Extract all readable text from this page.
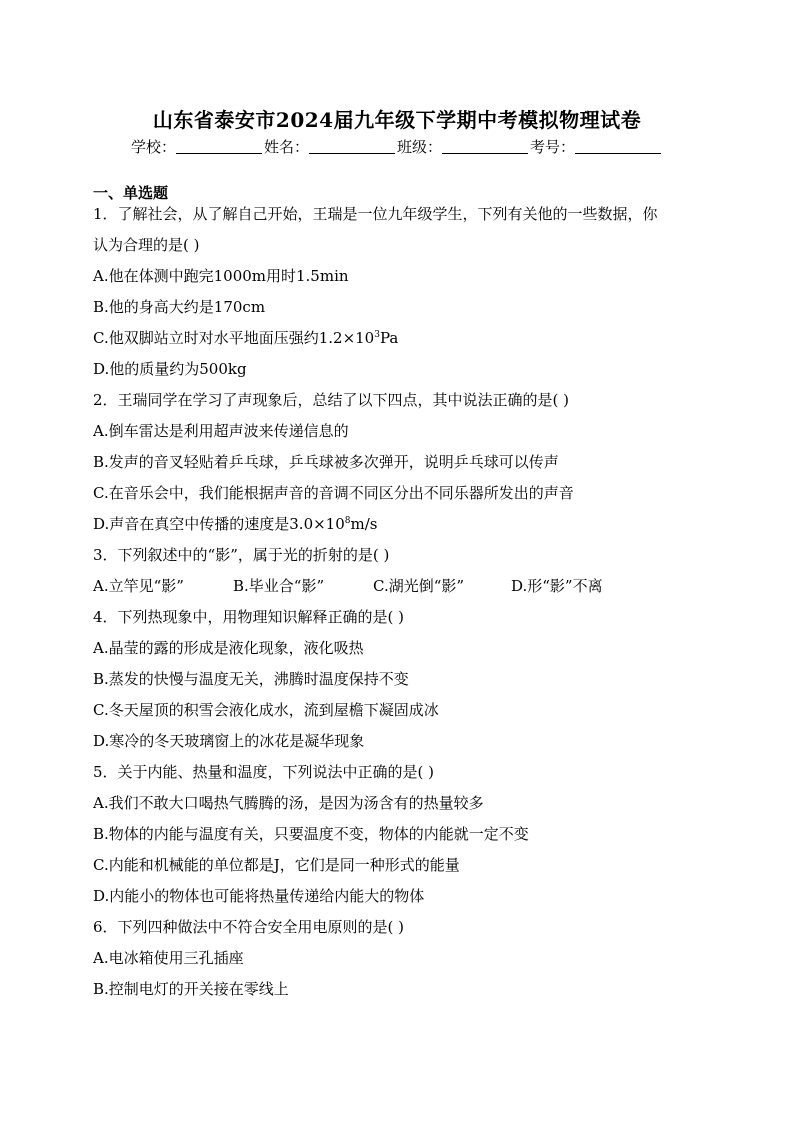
山东省泰安市2024届九年级下学期中考模拟物理试卷
学校：	姓名：	班级：	考号：
一、单选题
1．了解社会，从了解自己开始，王瑞是一位九年级学生，下列有关他的一些数据，你
认为合理的是( )
A.他在体测中跑完1000m用时1.5min
B.他的身高大约是170cm
C.他双脚站立时对水平地面压强约$1.2\times 10^3Pa$
D.他的质量约为500kg
2．王瑞同学在学习了声现象后，总结了以下四点，其中说法正确的是( )
A.倒车雷达是利用超声波来传递信息的
B.发声的音叉轻贴着乒乓球，乒乓球被多次弹开，说明乒乓球可以传声
C.在音乐会中，我们能根据声音的音调不同区分出不同乐器所发出的声音
D.声音在真空中传播的速度是$3.0\times 10^8m/s$
3．下列叙述中的“影”，属于光的折射的是( )
A.立竿见“影”	B.毕业合“影”	C.湖光倒“影”	D.形“影”不离
4．下列热现象中，用物理知识解释正确的是( )
A.晶莹的露的形成是液化现象，液化吸热
B.蒸发的快慢与温度无关，沸腾时温度保持不变
C.冬天屋顶的积雪会液化成水，流到屋檐下凝固成冰
D.寒冷的冬天玻璃窗上的冰花是凝华现象
5．关于内能、热量和温度，下列说法中正确的是( )
A.我们不敢大口喝热气腾腾的汤，是因为汤含有的热量较多
B.物体的内能与温度有关，只要温度不变，物体的内能就一定不变
C.内能和机械能的单位都是J，它们是同一种形式的能量
D.内能小的物体也可能将热量传递给内能大的物体
6．下列四种做法中不符合安全用电原则的是( )
A.电冰箱使用三孔插座
B.控制电灯的开关接在零线上
